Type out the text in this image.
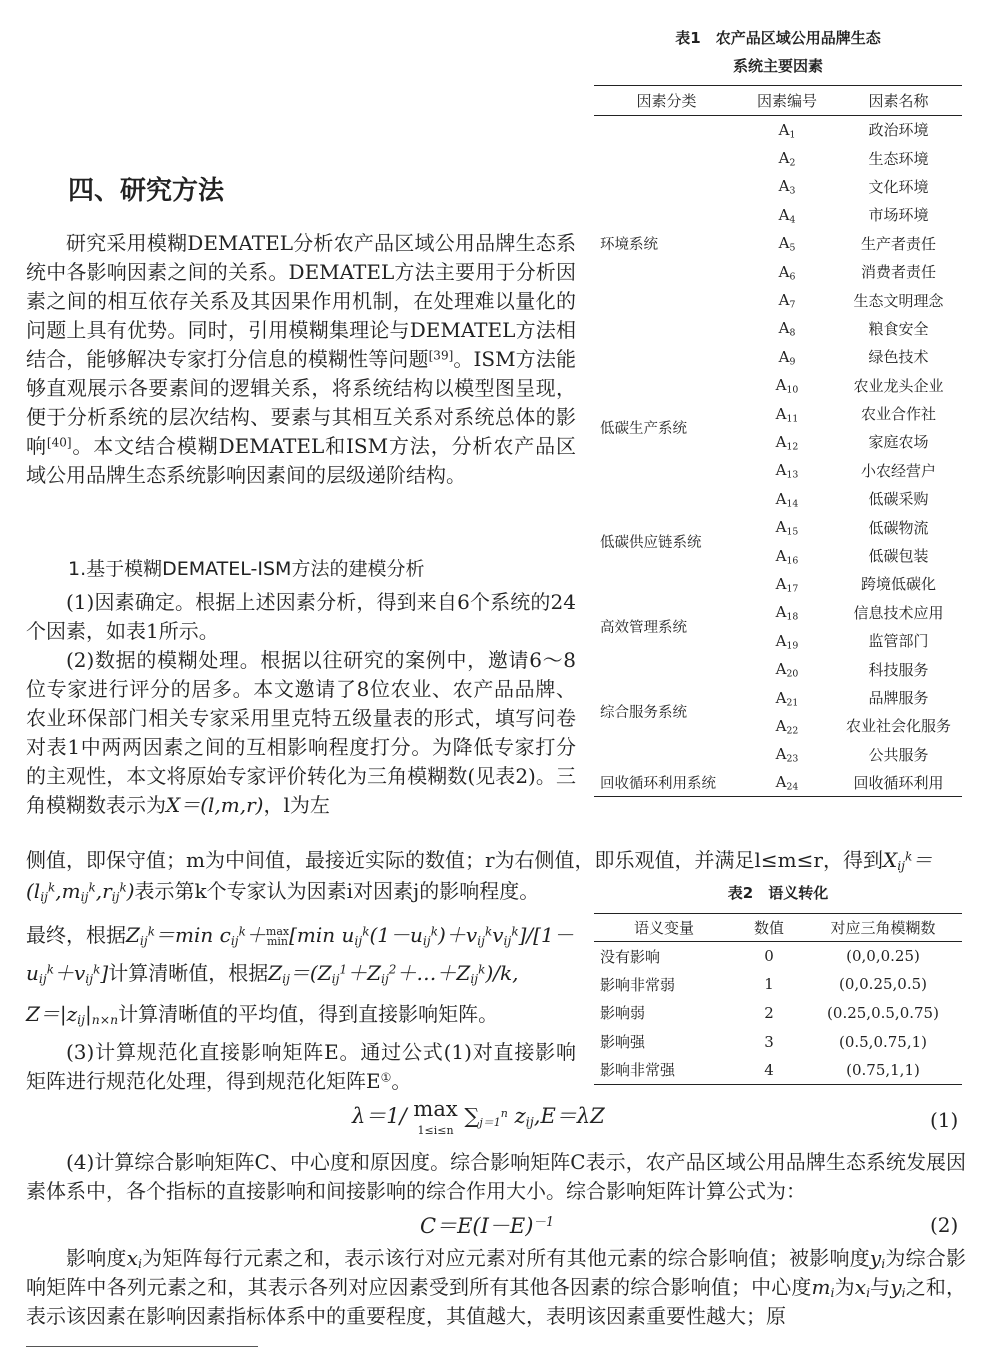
表1　农产品区域公用品牌生态
系统主要因素
因素分类	因素编号	因素名称
环境系统	$A_1$	政治环境
	$A_2$	生态环境
	$A_3$	文化环境
	$A_4$	市场环境
	$A_5$	生产者责任
	$A_6$	消费者责任
	$A_7$	生态文明理念
	$A_8$	粮食安全
	$A_9$	绿色技术
低碳生产系统	$A_{10}$	农业龙头企业
	$A_{11}$	农业合作社
	$A_{12}$	家庭农场
	$A_{13}$	小农经营户
低碳供应链系统	$A_{14}$	低碳采购
	$A_{15}$	低碳物流
	$A_{16}$	低碳包装
	$A_{17}$	跨境低碳化
高效管理系统	$A_{18}$	信息技术应用
	$A_{19}$	监管部门
综合服务系统	$A_{20}$	科技服务
	$A_{21}$	品牌服务
	$A_{22}$	农业社会化服务
	$A_{23}$	公共服务
回收循环利用系统	$A_{24}$	回收循环利用
四、研究方法

研究采用模糊DEMATEL分析农产品区域公用品牌生态系统中各影响因素之间的关系。DEMATEL方法主要用于分析因素之间的相互依存关系及其因果作用机制，在处理难以量化的问题上具有优势。同时，引用模糊集理论与DEMATEL方法相结合，能够解决专家打分信息的模糊性等问题[39]。ISM方法能够直观展示各要素间的逻辑关系，将系统结构以模型图呈现，便于分析系统的层次结构、要素与其相互关系对系统总体的影响[40]。本文结合模糊DEMATEL和ISM方法，分析农产品区域公用品牌生态系统影响因素间的层级递阶结构。

1.基于模糊DEMATEL-ISM方法的建模分析

(1)因素确定。根据上述因素分析，得到来自6个系统的24个因素，如表1所示。

(2)数据的模糊处理。根据以往研究的案例中，邀请6～8位专家进行评分的居多。本文邀请了8位农业、农产品品牌、农业环保部门相关专家采用里克特五级量表的形式，填写问卷对表1中两两因素之间的互相影响程度打分。为降低专家打分的主观性，本文将原始专家评价转化为三角模糊数(见表2)。三角模糊数表示为X＝(l,m,r)，l为左

侧值，即保守值；m为中间值，最接近实际的数值；r为右侧值，即乐观值，并满足l≤m≤r，得到$X_{ij}^k=$

$(l_{ij}^k,m_{ij}^k,r_{ij}^k)$表示第k个专家认为因素i对因素j的影响程度。

最终，根据$Z_{ij}^k=\min$ $c_{ij}^k+\max$
min[min $u_{ij}^k(1-u_{ij}^k)+v_{ij}^kv_{ij}^k]/[1-$

$u_{ij}^k+v_{ij}^k$]计算清晰值，根据$Z_{ij}=(Z_{ij}^1+Z_{ij}^2+\dots+Z_{ij}^k)/k$,

$Z=|z_{ij}|_{n\times n}$计算清晰值的平均值，得到直接影响矩阵。

表2　语义转化
语义变量	数值	对应三角模糊数
没有影响	0	(0,0,0.25)
影响非常弱	1	(0,0.25,0.5)
影响弱	2	(0.25,0.5,0.75)
影响强	3	(0.5,0.75,1)
影响非常强	4	(0.75,1,1)

(3)计算规范化直接影响矩阵E。通过公式(1)对直接影响矩阵进行规范化处理，得到规范化矩阵E①。

λ＝1/ max
1≤i≤n $\sum_{j=1}^n$ $z_{ij},E=\lambda Z$	(1)

(4)计算综合影响矩阵C、中心度和原因度。综合影响矩阵C表示，农产品区域公用品牌生态系统发展因素体系中，各个指标的直接影响和间接影响的综合作用大小。综合影响矩阵计算公式为：

$C=E(I-E)^{-1}$	(2)

影响度$x_i$为矩阵每行元素之和，表示该行对应元素对所有其他元素的综合影响值；被影响度$y_i$为综合影响矩阵中各列元素之和，其表示各列对应因素受到所有其他各因素的综合影响值；中心度$m_i$为$x_i$与$y_i$之和，表示该因素在影响因素指标体系中的重要程度，其值越大，表明该因素重要性越大；原
